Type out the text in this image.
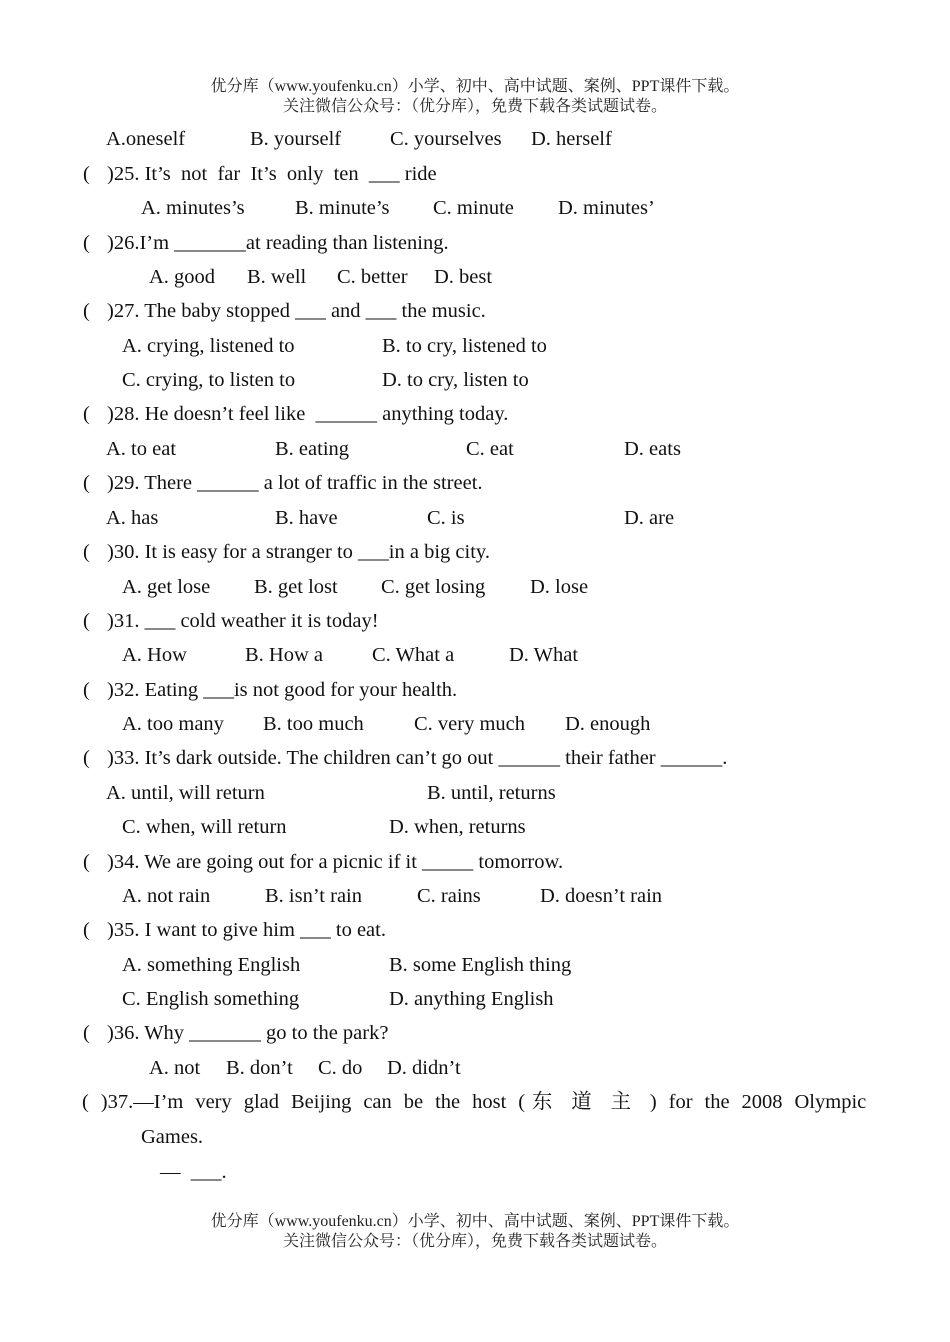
优分库（www.youfenku.cn）小学、初中、高中试题、案例、PPT课件下载。
关注微信公众号：（优分库），免费下载各类试题试卷。
A.oneself	B. yourself C. yourselves D. herself
( )25. It’s  not  far  It’s  only  ten  ___ ride
A. minutes’s B. minute’s C. minute D. minutes’
( )26.I’m _______at reading than listening.
A. good B. well C. better D. best
( )27. The baby stopped ___ and ___ the music.
A. crying, listened to	B. to cry, listened to
C. crying, to listen to	D. to cry, listen to
( )28. He doesn’t feel like  ______ anything today.
A. to eat	B. eating	C. eat	D. eats
( )29. There ______ a lot of traffic in the street.
A. has	B. have	C. is	D. are
( )30. It is easy for a stranger to ___in a big city.
A. get lose B. get lost C. get losing D. lose
( )31. ___ cold weather it is today!
A. How	B. How a C. What a	D. What
( )32. Eating ___is not good for your health.
A. too many B. too much C. very much D. enough
( )33. It’s dark outside. The children can’t go out ______ their father ______.
A. until, will return	B. until, returns
C. when, will return	D. when, returns
( )34. We are going out for a picnic if it _____ tomorrow.
A. not rain	B. isn’t rain	C. rains	D. doesn’t rain
( )35. I want to give him ___ to eat.
A. something English	B. some English thing
C. English something	D. anything English
( )36. Why _______ go to the park?
A. not B. don’t C. do D. didn’t
( )37.—I’m very glad Beijing can be the host (东 道 主 ) for the 2008 Olympic
Games.
—  ___.
优分库（www.youfenku.cn）小学、初中、高中试题、案例、PPT课件下载。
关注微信公众号：（优分库），免费下载各类试题试卷。
